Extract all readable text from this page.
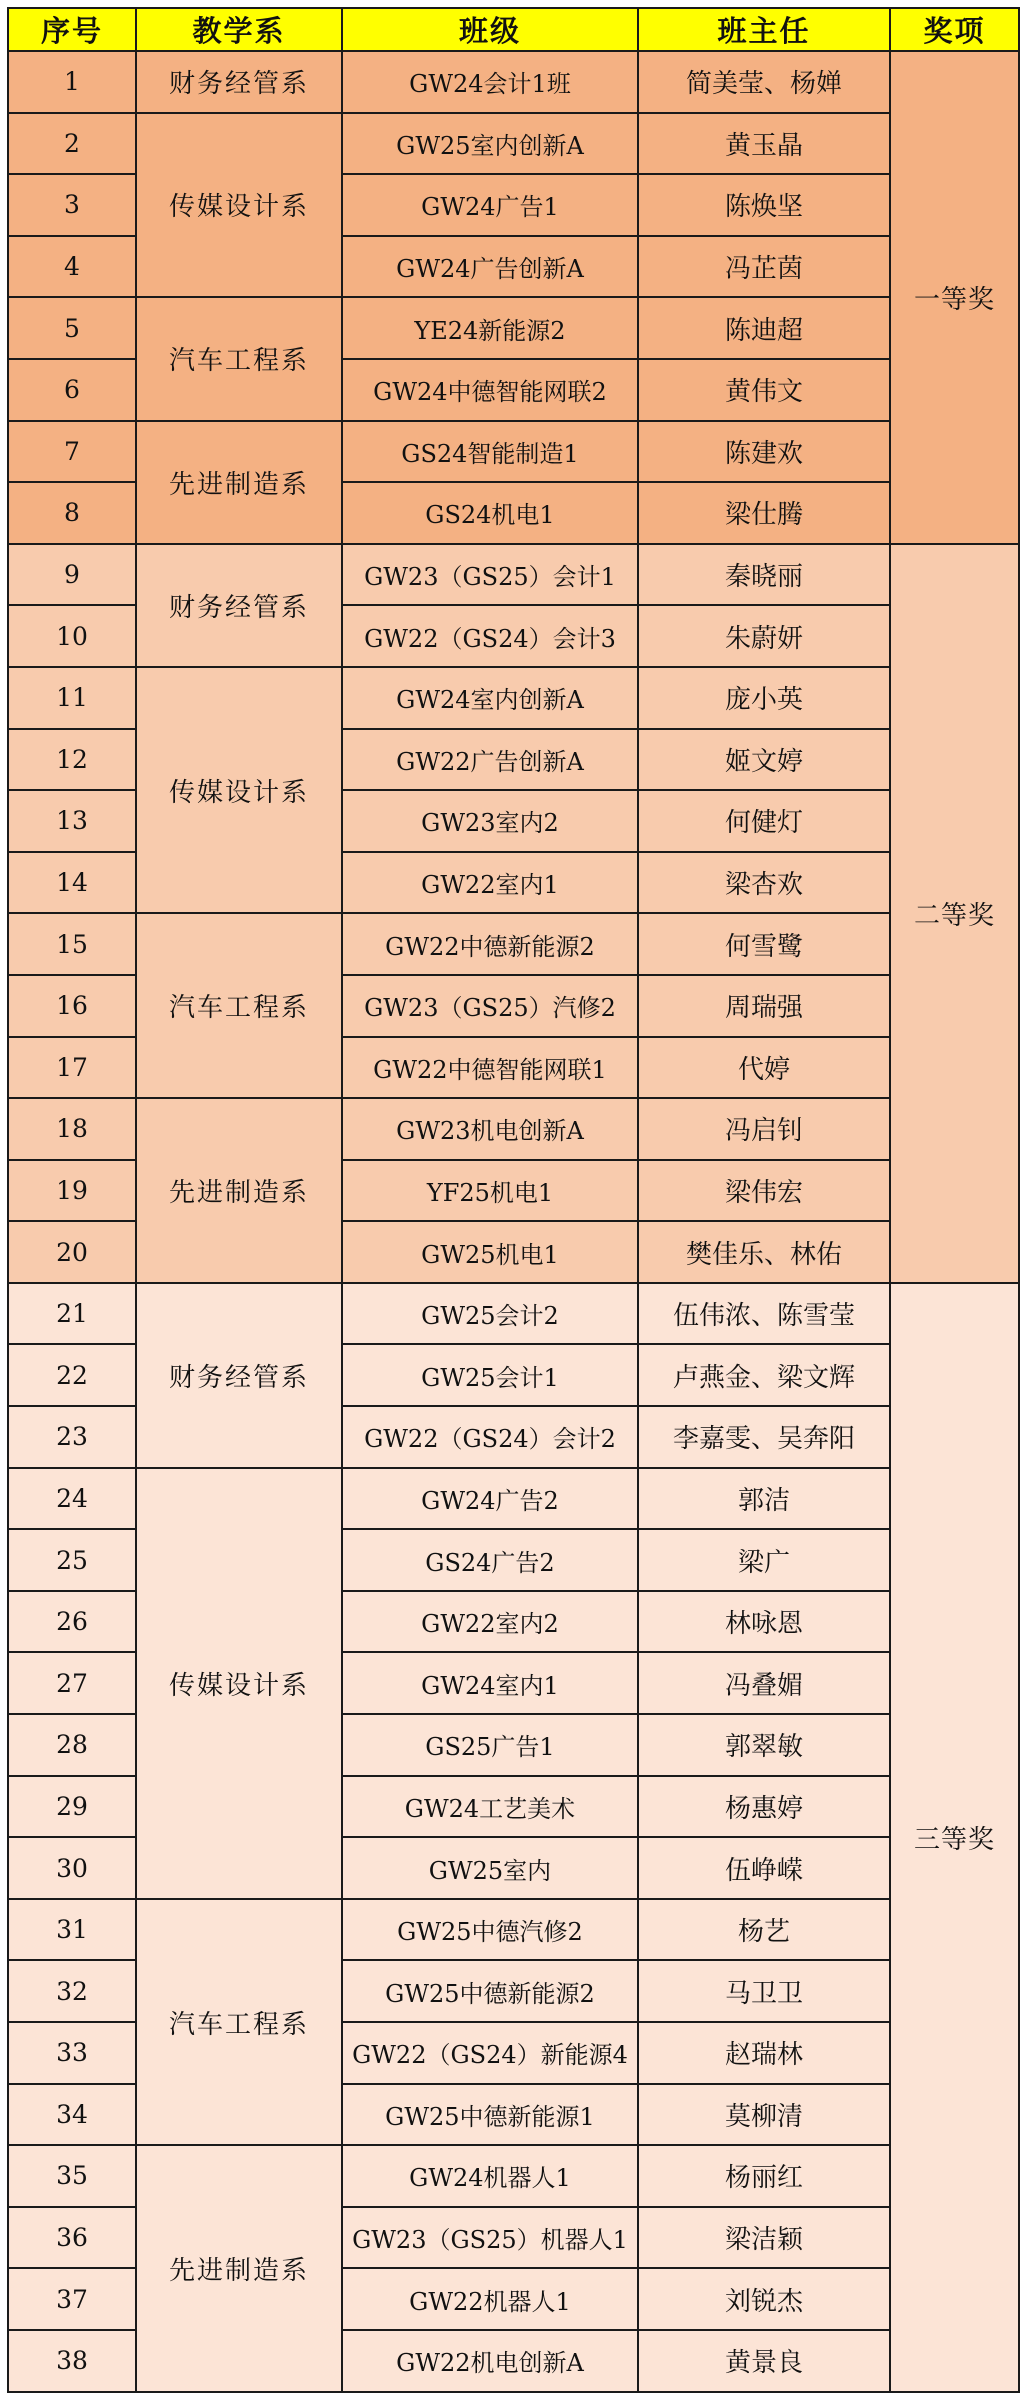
序号	教学系	班级	班主任	奖项
1	财务经管系	GW24会计1班	简美莹、杨婵	一等奖
2	传媒设计系	GW25室内创新A	黄玉晶	
3		GW24广告1	陈焕坚	
4		GW24广告创新A	冯芷茵	
5	汽车工程系	YE24新能源2	陈迪超	
6		GW24中德智能网联2	黄伟文	
7	先进制造系	GS24智能制造1	陈建欢	
8		GS24机电1	梁仕腾	
9	财务经管系	GW23（GS25）会计1	秦晓丽	二等奖
10		GW22（GS24）会计3	朱蔚妍	
11	传媒设计系	GW24室内创新A	庞小英	
12		GW22广告创新A	姬文婷	
13		GW23室内2	何健灯	
14		GW22室内1	梁杏欢	
15	汽车工程系	GW22中德新能源2	何雪鹭	
16		GW23（GS25）汽修2	周瑞强	
17		GW22中德智能网联1	代婷	
18	先进制造系	GW23机电创新A	冯启钊	
19		YF25机电1	梁伟宏	
20		GW25机电1	樊佳乐、林佑	
21	财务经管系	GW25会计2	伍伟浓、陈雪莹	三等奖
22		GW25会计1	卢燕金、梁文辉	
23		GW22（GS24）会计2	李嘉雯、吴奔阳	
24	传媒设计系	GW24广告2	郭洁	
25		GS24广告2	梁广	
26		GW22室内2	林咏恩	
27		GW24室内1	冯叠媚	
28		GS25广告1	郭翠敏	
29		GW24工艺美术	杨惠婷	
30		GW25室内	伍峥嵘	
31	汽车工程系	GW25中德汽修2	杨艺	
32		GW25中德新能源2	马卫卫	
33		GW22（GS24）新能源4	赵瑞林	
34		GW25中德新能源1	莫柳清	
35	先进制造系	GW24机器人1	杨丽红	
36		GW23（GS25）机器人1	梁洁颖	
37		GW22机器人1	刘锐杰	
38		GW22机电创新A	黄景良	
